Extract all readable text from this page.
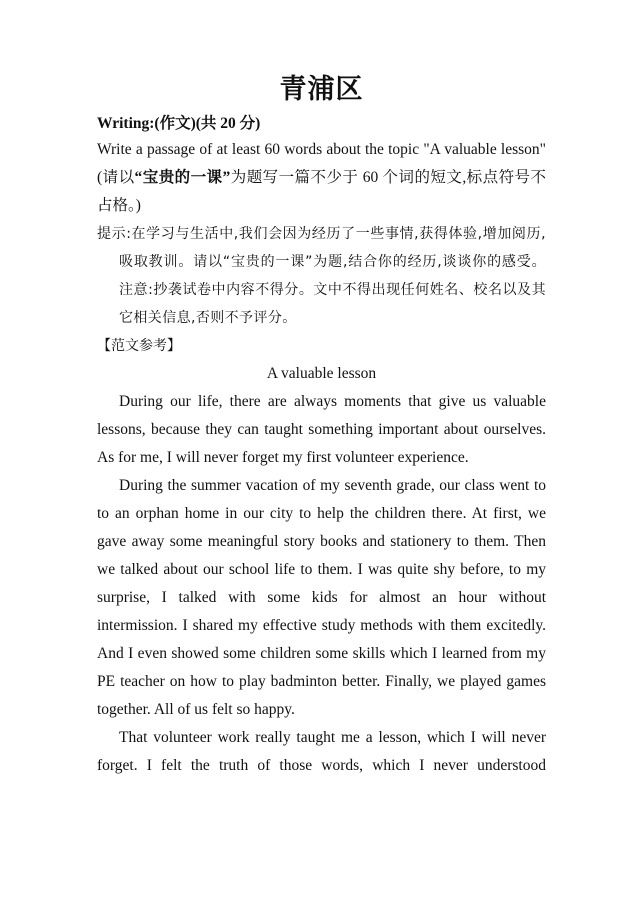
青浦区

Writing:(作文)(共 20 分)

Write a passage of at least 60 words about the topic "A valuable lesson"(请以“宝贵的一课”为题写一篇不少于 60 个词的短文,标点符号不占格。)

提示:在学习与生活中,我们会因为经历了一些事情,获得体验,增加阅历,吸取教训。请以“宝贵的一课”为题,结合你的经历,谈谈你的感受。注意:抄袭试卷中内容不得分。文中不得出现任何姓名、校名以及其它相关信息,否则不予评分。

【范文参考】

A valuable lesson

During our life, there are always moments that give us valuable lessons, because they can taught something important about ourselves. As for me, I will never forget my first volunteer experience.

During the summer vacation of my seventh grade, our class went to to an orphan home in our city to help the children there. At first, we gave away some meaningful story books and stationery to them. Then we talked about our school life to them. I was quite shy before, to my surprise, I talked with some kids for almost an hour without intermission. I shared my effective study methods with them excitedly. And I even showed some children some skills which I learned from my PE teacher on how to play badminton better. Finally, we played games together. All of us felt so happy.

That volunteer work really taught me a lesson, which I will never forget. I felt the truth of those words, which I never understood
